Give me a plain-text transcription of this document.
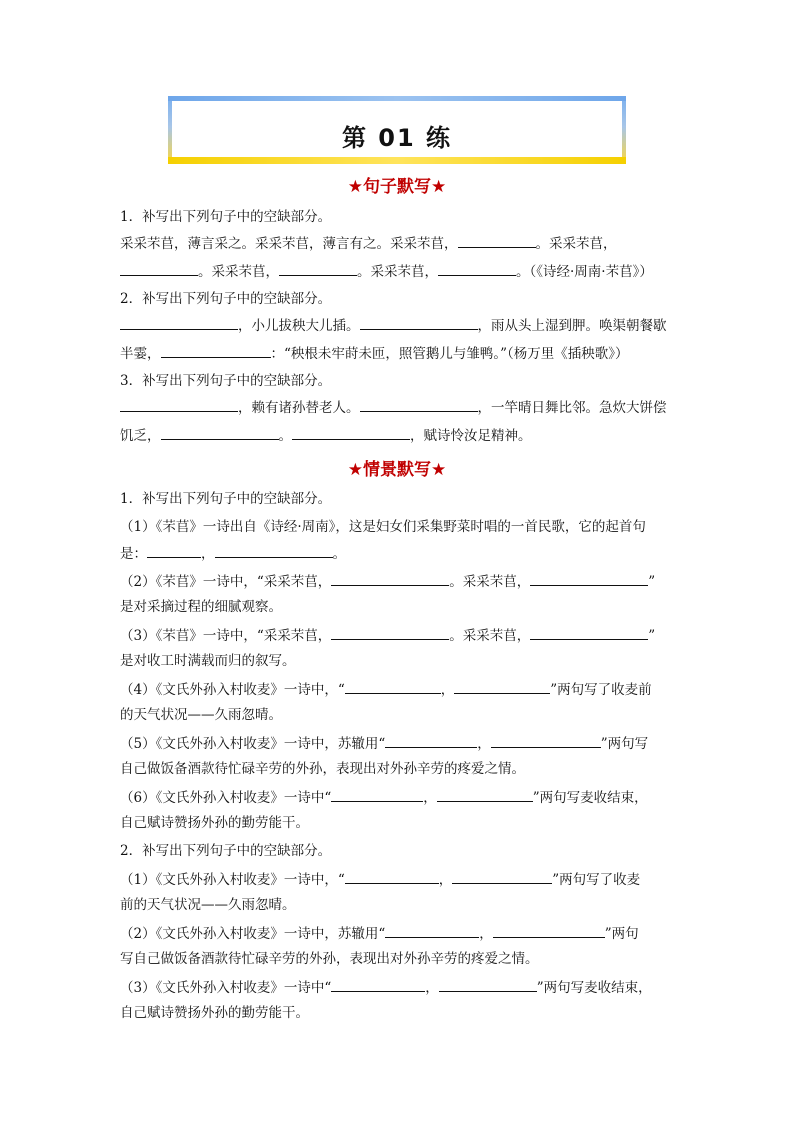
第 01 练
★句子默写★
1．补写出下列句子中的空缺部分。
采采芣苢，薄言采之。采采芣苢，薄言有之。采采芣苢，	。采采芣苢，
。采采芣苢，	。采采芣苢，	。（《诗经·周南·芣苢》）
2．补写出下列句子中的空缺部分。
，小儿拔秧大儿插。	，雨从头上湿到胛。唤渠朝餐歇
半霎，	：“秧根未牢莳未匝，照管鹅儿与雏鸭。”（杨万里《插秧歌》）
3．补写出下列句子中的空缺部分。
，赖有诸孙替老人。	，一竿晴日舞比邻。急炊大饼偿
饥乏，	。	，赋诗怜汝足精神。
★情景默写★
1．补写出下列句子中的空缺部分。
（1）《芣苢》一诗出自《诗经·周南》，这是妇女们采集野菜时唱的一首民歌，它的起首句
是：	，	。
（2）《芣苢》一诗中，“采采芣苢，	。采采芣苢，	”
是对采摘过程的细腻观察。
（3）《芣苢》一诗中，“采采芣苢，	。采采芣苢，	”
是对收工时满载而归的叙写。
（4）《文氏外孙入村收麦》一诗中，“	，	”两句写了收麦前
的天气状况——久雨忽晴。
（5）《文氏外孙入村收麦》一诗中，苏辙用“	，	”两句写
自己做饭备酒款待忙碌辛劳的外孙，表现出对外孙辛劳的疼爱之情。
（6）《文氏外孙入村收麦》一诗中“	，	”两句写麦收结束，
自己赋诗赞扬外孙的勤劳能干。
2．补写出下列句子中的空缺部分。
（1）《文氏外孙入村收麦》一诗中，“	，	”两句写了收麦
前的天气状况——久雨忽晴。
（2）《文氏外孙入村收麦》一诗中，苏辙用“	，	”两句
写自己做饭备酒款待忙碌辛劳的外孙，表现出对外孙辛劳的疼爱之情。
（3）《文氏外孙入村收麦》一诗中“	，	”两句写麦收结束，
自己赋诗赞扬外孙的勤劳能干。
